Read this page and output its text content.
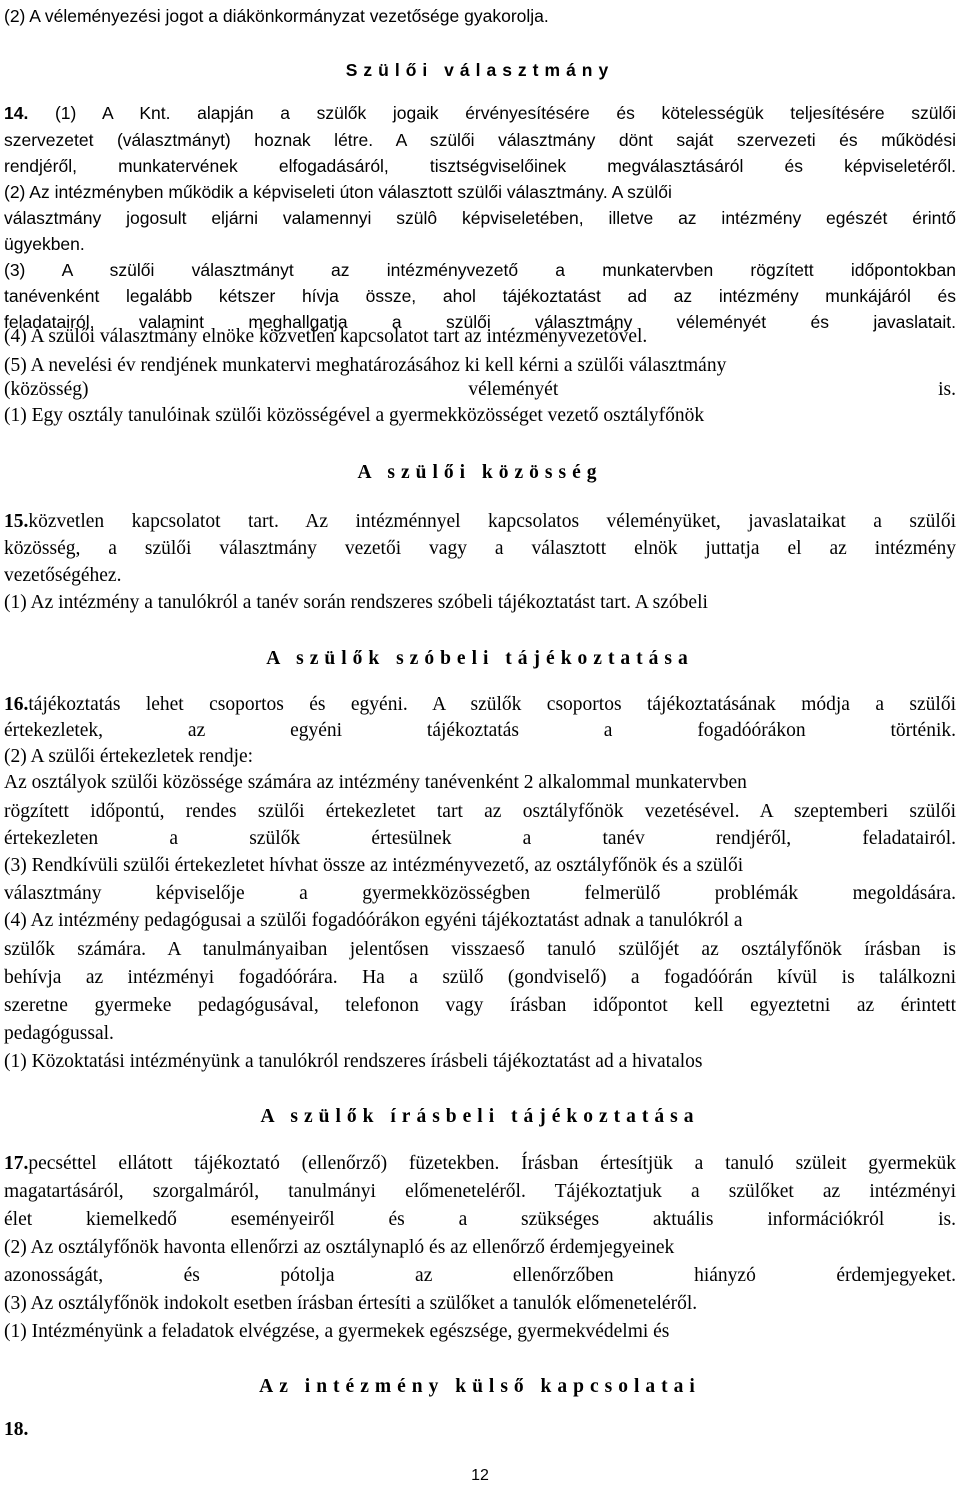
(2) A véleményezési jogot a diákönkormányzat vezetősége gyakorolja.
Szülői választmány
14. (1) A Knt. alapján a szülők jogaik érvényesítésére és kötelességük teljesítésére szülői
szervezetet (választmányt) hoznak létre. A szülői választmány dönt saját szervezeti és működési
rendjéről, munkatervének elfogadásáról, tisztségviselőinek megválasztásáról és képviseletéről.
(2) Az intézményben működik a képviseleti úton választott szülői választmány. A szülői
választmány jogosult eljárni valamennyi szülô képviseletében, illetve az intézmény egészét érintő
ügyekben.
(3) A szülői választmányt az intézményvezető a munkatervben rögzített időpontokban
tanévenként legalább kétszer hívja össze, ahol tájékoztatást ad az intézmény munkájáról és
feladatairól, valamint meghallgatja a szülői választmány véleményét és javaslatait.
(4) A szülői választmány elnöke közvetlen kapcsolatot tart az intézményvezetővel.
(5) A nevelési év rendjének munkatervi meghatározásához ki kell kérni a szülői választmány
(közösség) véleményét is.
(1) Egy osztály tanulóinak szülői közösségével a gyermekközösséget vezető osztályfőnök
A szülői közösség
15.közvetlen kapcsolatot tart. Az intézménnyel kapcsolatos véleményüket, javaslataikat a szülői
közösség, a szülői választmány vezetői vagy a választott elnök juttatja el az intézmény
vezetőségéhez.
(1) Az intézmény a tanulókról a tanév során rendszeres szóbeli tájékoztatást tart. A szóbeli
A szülők szóbeli tájékoztatása
16.tájékoztatás lehet csoportos és egyéni. A szülők csoportos tájékoztatásának módja a szülői
értekezletek, az egyéni tájékoztatás a fogadóórákon történik.
(2) A szülői értekezletek rendje:
Az osztályok szülői közössége számára az intézmény tanévenként 2 alkalommal munkatervben
rögzített időpontú, rendes szülői értekezletet tart az osztályfőnök vezetésével. A szeptemberi szülői
értekezleten a szülők értesülnek a tanév rendjéről, feladatairól.
(3) Rendkívüli szülői értekezletet hívhat össze az intézményvezető, az osztályfőnök és a szülői
választmány képviselője a gyermekközösségben felmerülő problémák megoldására.
(4) Az intézmény pedagógusai a szülői fogadóórákon egyéni tájékoztatást adnak a tanulókról a
szülők számára. A tanulmányaiban jelentősen visszaeső tanuló szülőjét az osztályfőnök írásban is
behívja az intézményi fogadóórára. Ha a szülő (gondviselő) a fogadóórán kívül is találkozni
szeretne gyermeke pedagógusával, telefonon vagy írásban időpontot kell egyeztetni az érintett
pedagógussal.
(1) Közoktatási intézményünk a tanulókról rendszeres írásbeli tájékoztatást ad a hivatalos
A szülők írásbeli tájékoztatása
17.pecséttel ellátott tájékoztató (ellenőrző) füzetekben. Írásban értesítjük a tanuló szüleit gyermekük
magatartásáról, szorgalmáról, tanulmányi előmeneteléről. Tájékoztatjuk a szülőket az intézményi
élet kiemelkedő eseményeiről és a szükséges aktuális információkról is.
(2) Az osztályfőnök havonta ellenőrzi az osztálynapló és az ellenőrző érdemjegyeinek
azonosságát, és pótolja az ellenőrzőben hiányzó érdemjegyeket.
(3) Az osztályfőnök indokolt esetben írásban értesíti a szülőket a tanulók előmeneteléről.
(1) Intézményünk a feladatok elvégzése, a gyermekek egészsége, gyermekvédelmi és
Az intézmény külső kapcsolatai
18.
12
